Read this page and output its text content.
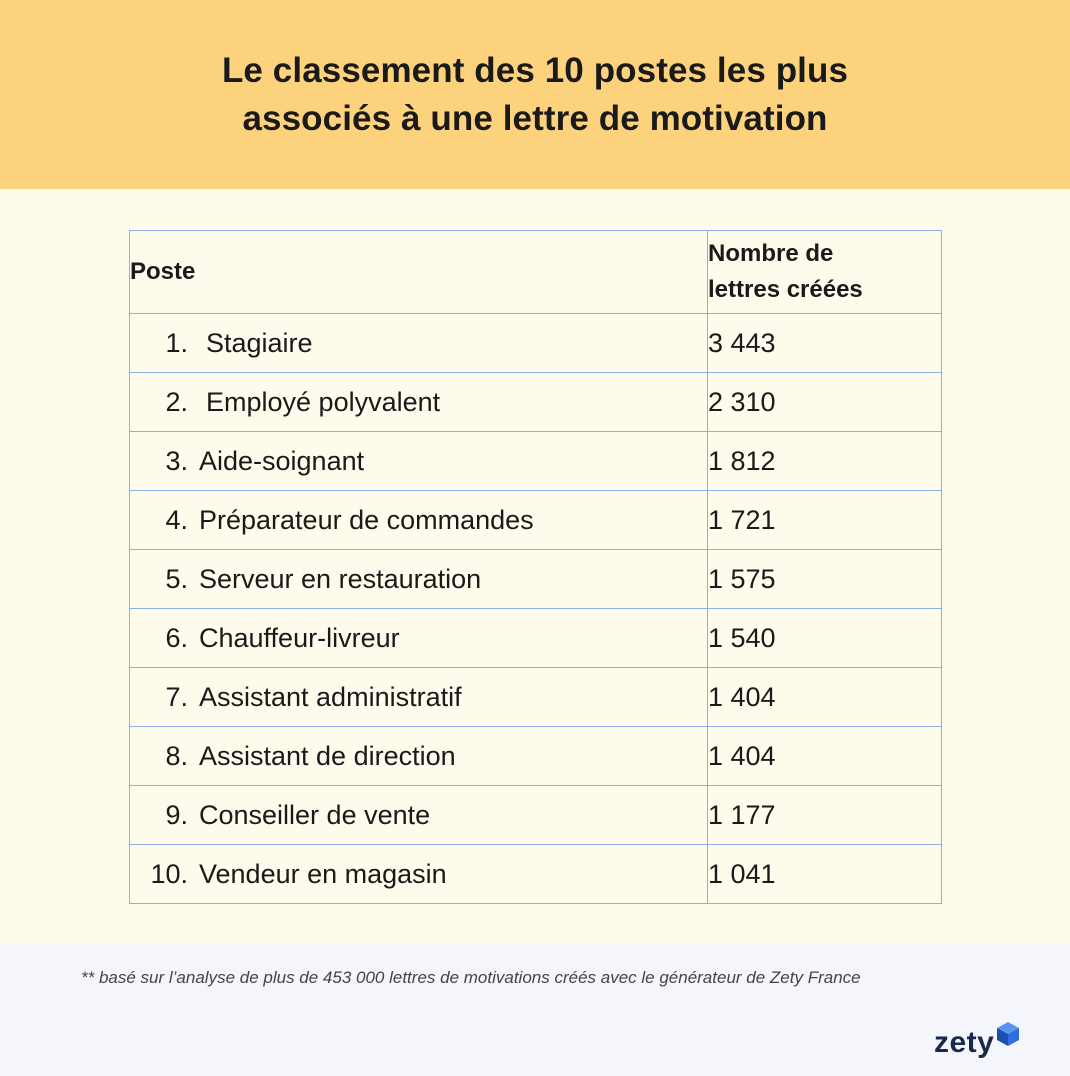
Le classement des 10 postes les plus
associés à une lettre de motivation
Poste	Nombre de
lettres créées

1. Stagiaire	3 443
2. Employé polyvalent	2 310
3. Aide-soignant	1 812
4. Préparateur de commandes	1 721
5. Serveur en restauration	1 575
6. Chauffeur-livreur	1 540
7. Assistant administratif	1 404
8. Assistant de direction	1 404
9. Conseiller de vente	1 177
10. Vendeur en magasin	1 041
** basé sur l’analyse de plus de 453 000 lettres de motivations créés avec le générateur de Zety France
zety
